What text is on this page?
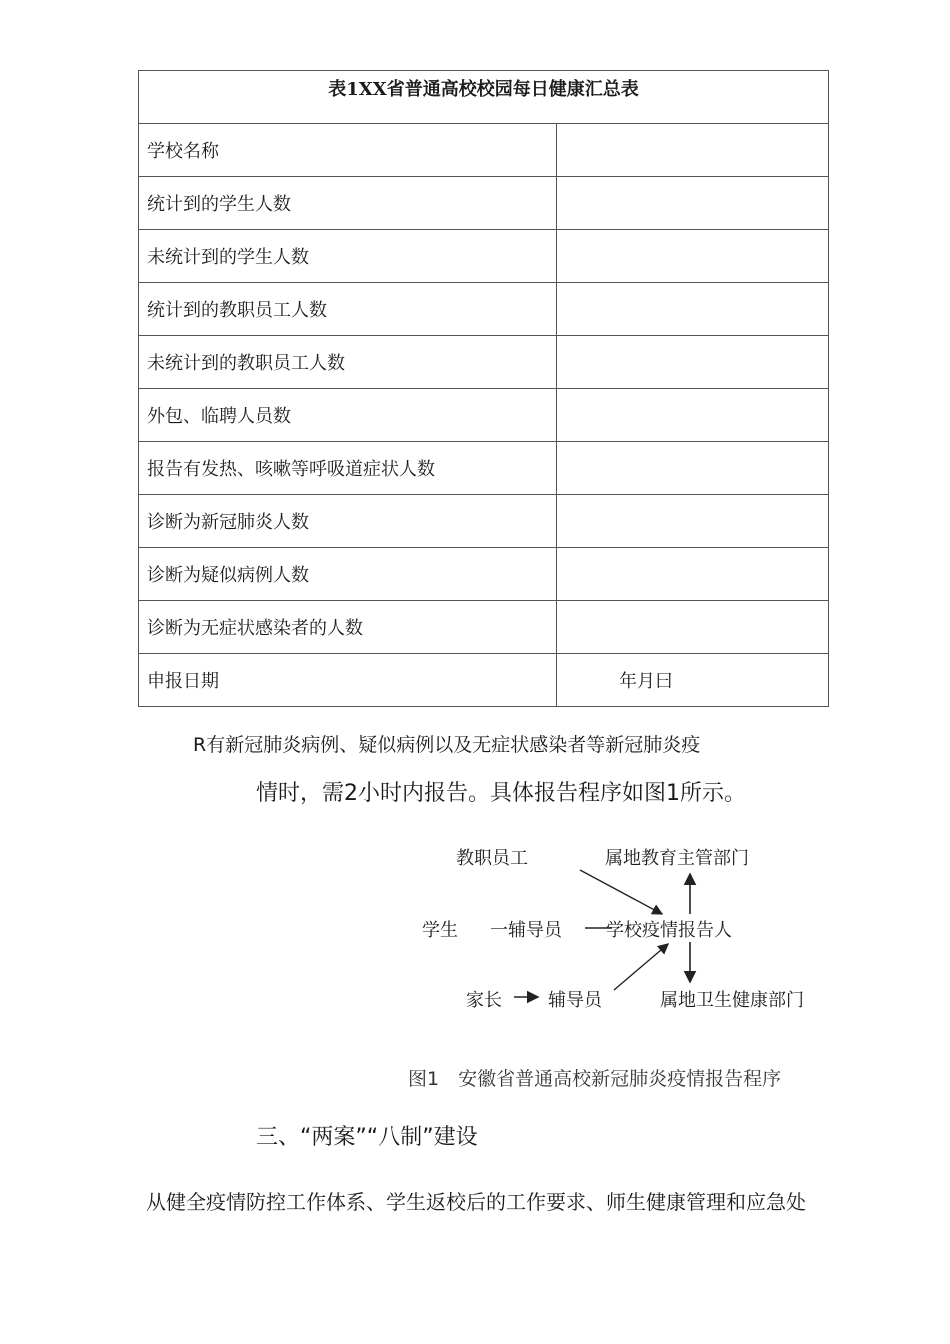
表1XX省普通高校校园每日健康汇总表	
学校名称	
统计到的学生人数	
未统计到的学生人数	
统计到的教职员工人数	
未统计到的教职员工人数	
外包、临聘人员数	
报告有发热、咳嗽等呼吸道症状人数	
诊断为新冠肺炎人数	
诊断为疑似病例人数	
诊断为无症状感染者的人数	
申报日期	年月曰
R有新冠肺炎病例、疑似病例以及无症状感染者等新冠肺炎疫
情时，需2小时内报告。具体报告程序如图1所示。
教职员工	属地教育主管部门
学生 一辅导员 学校疫情报告人
家长	辅导员	属地卫生健康部门
图1　安徽省普通高校新冠肺炎疫情报告程序
三、“两案”“八制”建设
从健全疫情防控工作体系、学生返校后的工作要求、师生健康管理和应急处
